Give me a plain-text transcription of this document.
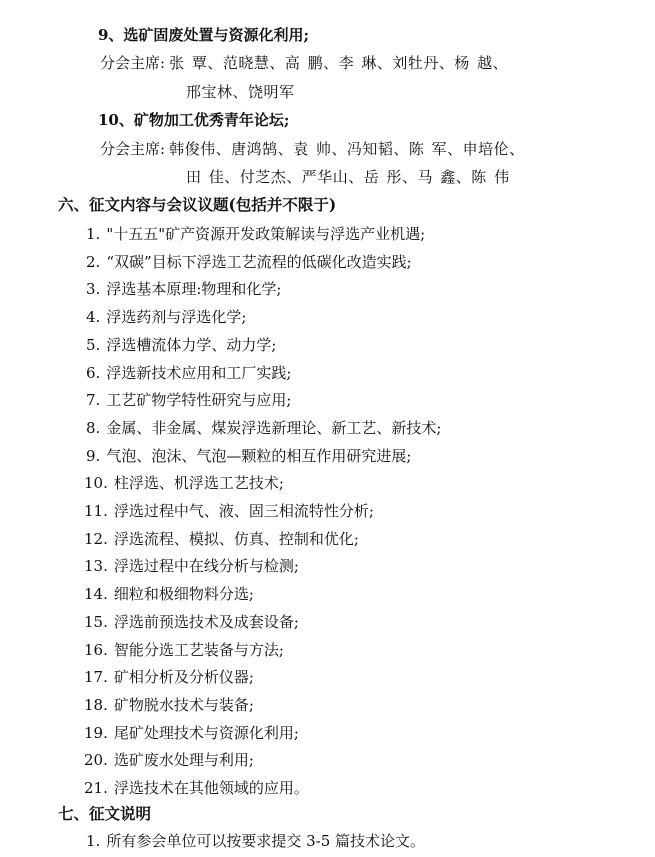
9、选矿固废处置与资源化利用;
分会主席: 张 覃、范晓慧、高 鹏、李 琳、刘牡丹、杨 越、
邢宝林、饶明军
10、矿物加工优秀青年论坛;
分会主席: 韩俊伟、唐鸿鹄、袁 帅、冯知韬、陈 军、申培伦、
田 佳、付芝杰、严华山、岳 彤、马 鑫、陈 伟
六、征文内容与会议议题(包括并不限于)
1. "十五五"矿产资源开发政策解读与浮选产业机遇;
2. “双碳”目标下浮选工艺流程的低碳化改造实践;
3. 浮选基本原理:物理和化学;
4. 浮选药剂与浮选化学;
5. 浮选槽流体力学、动力学;
6. 浮选新技术应用和工厂实践;
7. 工艺矿物学特性研究与应用;
8. 金属、非金属、煤炭浮选新理论、新工艺、新技术;
9. 气泡、泡沫、气泡—颗粒的相互作用研究进展;
10. 柱浮选、机浮选工艺技术;
11. 浮选过程中气、液、固三相流特性分析;
12. 浮选流程、模拟、仿真、控制和优化;
13. 浮选过程中在线分析与检测;
14. 细粒和极细物料分选;
15. 浮选前预选技术及成套设备;
16. 智能分选工艺装备与方法;
17. 矿相分析及分析仪器;
18. 矿物脱水技术与装备;
19. 尾矿处理技术与资源化利用;
20. 选矿废水处理与利用;
21. 浮选技术在其他领域的应用。
七、征文说明
1. 所有参会单位可以按要求提交 3-5 篇技术论文。
